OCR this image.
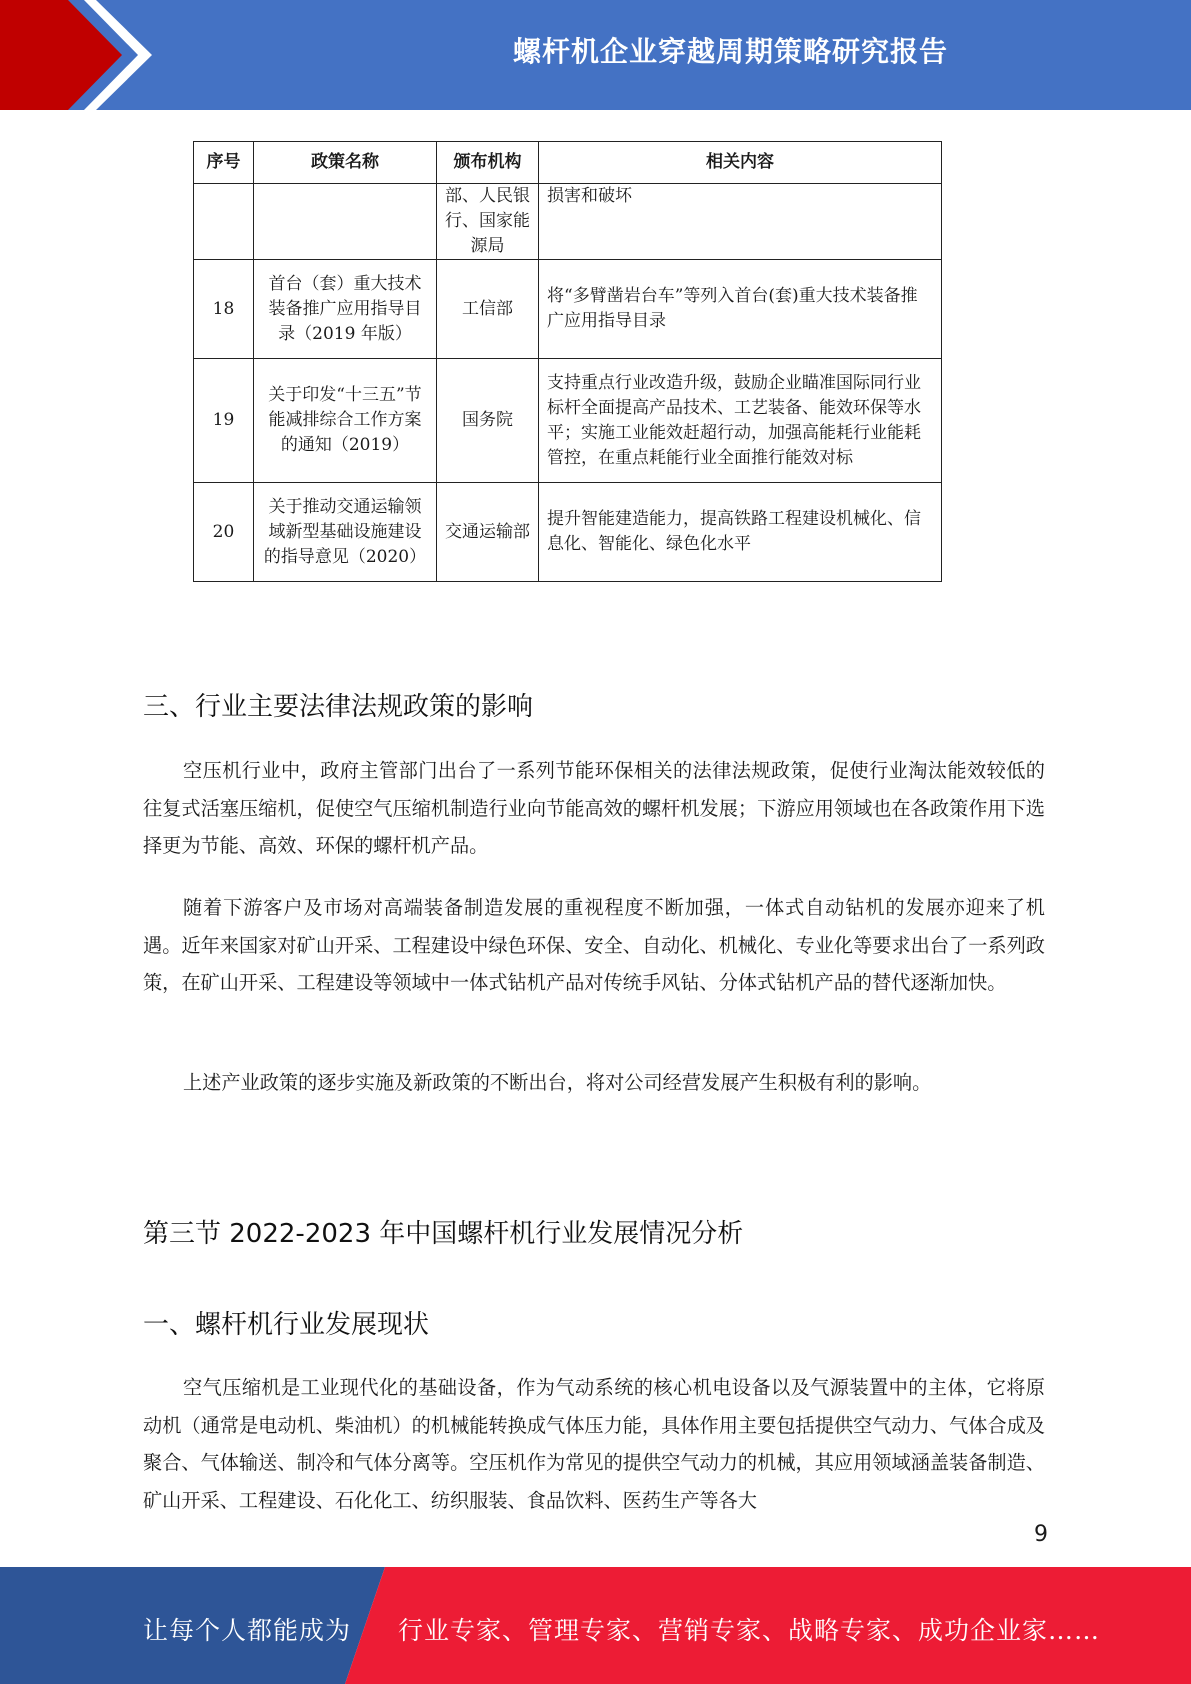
螺杆机企业穿越周期策略研究报告
序号	政策名称	颁布机构	相关内容
		部、人民银行、国家能源局	损害和破坏
18	首台（套）重大技术装备推广应用指导目录（2019 年版）	工信部	将“多臂凿岩台车”等列入首台(套)重大技术装备推广应用指导目录
19	关于印发“十三五”节能减排综合工作方案的通知（2019）	国务院	支持重点行业改造升级，鼓励企业瞄准国际同行业标杆全面提高产品技术、工艺装备、能效环保等水平；实施工业能效赶超行动，加强高能耗行业能耗管控，在重点耗能行业全面推行能效对标
20	关于推动交通运输领域新型基础设施建设的指导意见（2020）	交通运输部	提升智能建造能力，提高铁路工程建设机械化、信息化、智能化、绿色化水平
三、行业主要法律法规政策的影响

空压机行业中，政府主管部门出台了一系列节能环保相关的法律法规政策，促使行业淘汰能效较低的往复式活塞压缩机，促使空气压缩机制造行业向节能高效的螺杆机发展；下游应用领域也在各政策作用下选择更为节能、高效、环保的螺杆机产品。

随着下游客户及市场对高端装备制造发展的重视程度不断加强，一体式自动钻机的发展亦迎来了机遇。近年来国家对矿山开采、工程建设中绿色环保、安全、自动化、机械化、专业化等要求出台了一系列政策，在矿山开采、工程建设等领域中一体式钻机产品对传统手风钻、分体式钻机产品的替代逐渐加快。

上述产业政策的逐步实施及新政策的不断出台，将对公司经营发展产生积极有利的影响。

第三节 2022-2023 年中国螺杆机行业发展情况分析
一、螺杆机行业发展现状

空气压缩机是工业现代化的基础设备，作为气动系统的核心机电设备以及气源装置中的主体，它将原动机（通常是电动机、柴油机）的机械能转换成气体压力能，具体作用主要包括提供空气动力、气体合成及聚合、气体输送、制冷和气体分离等。空压机作为常见的提供空气动力的机械，其应用领域涵盖装备制造、矿山开采、工程建设、石化化工、纺织服装、食品饮料、医药生产等各大

9
让每个人都能成为 行业专家、管理专家、营销专家、战略专家、成功企业家……
